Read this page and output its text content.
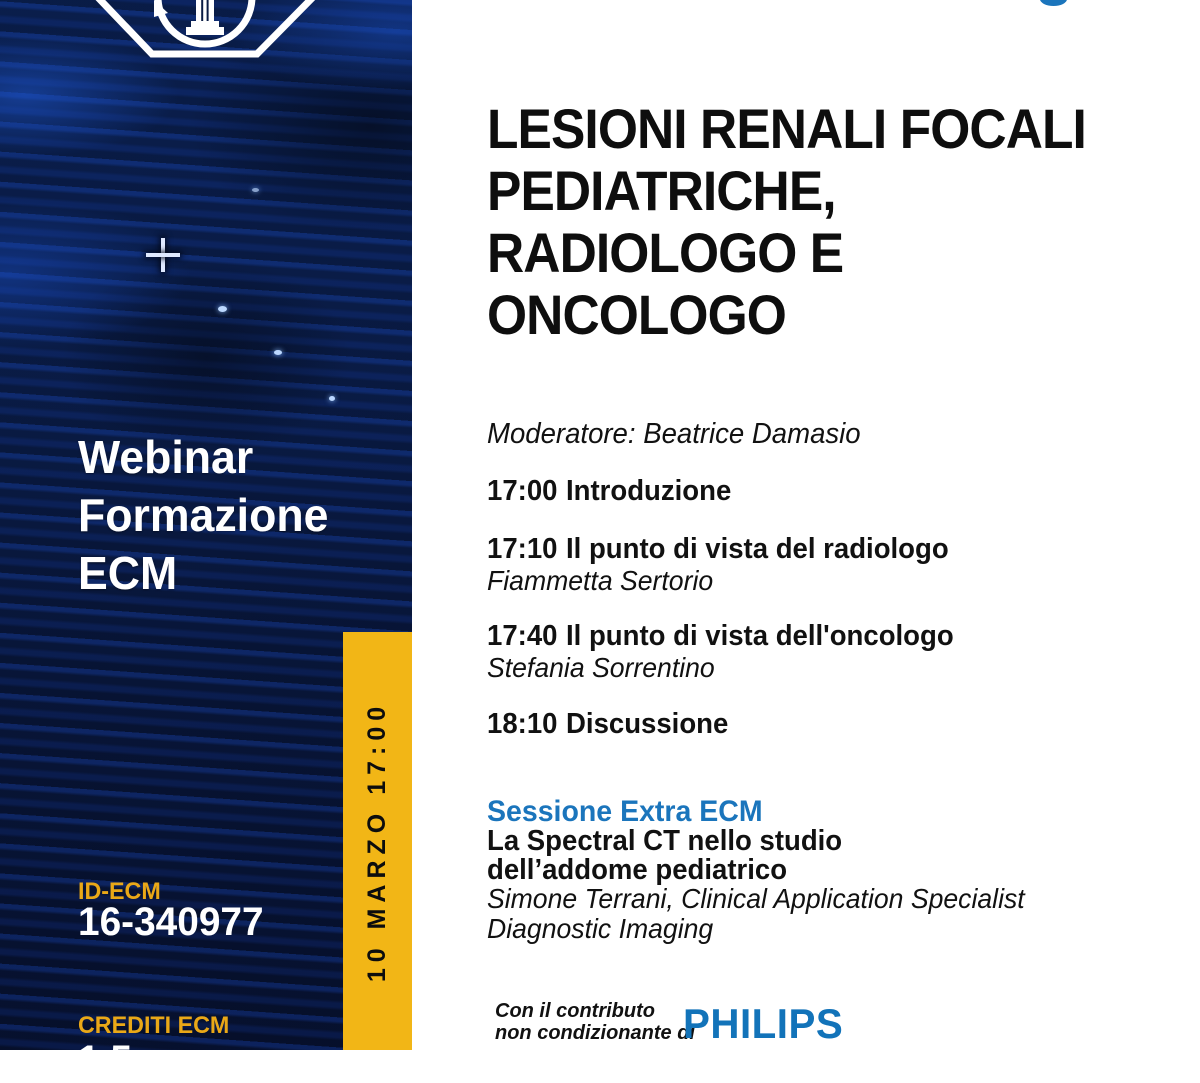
Webinar
Formazione
ECM
ID-ECM
16-340977
CREDITI ECM
1.5
10 MARZO 17:00
LESIONI RENALI FOCALI
PEDIATRICHE,
RADIOLOGO E
ONCOLOGO
Moderatore: Beatrice Damasio
17:00 Introduzione
17:10 Il punto di vista del radiologo
Fiammetta Sertorio
17:40 Il punto di vista dell'oncologo
Stefania Sorrentino
18:10 Discussione
Sessione Extra ECM
La Spectral CT nello studio
dell’addome pediatrico
Simone Terrani, Clinical Application Specialist
Diagnostic Imaging
Con il contributo
non condizionante di
PHILIPS
